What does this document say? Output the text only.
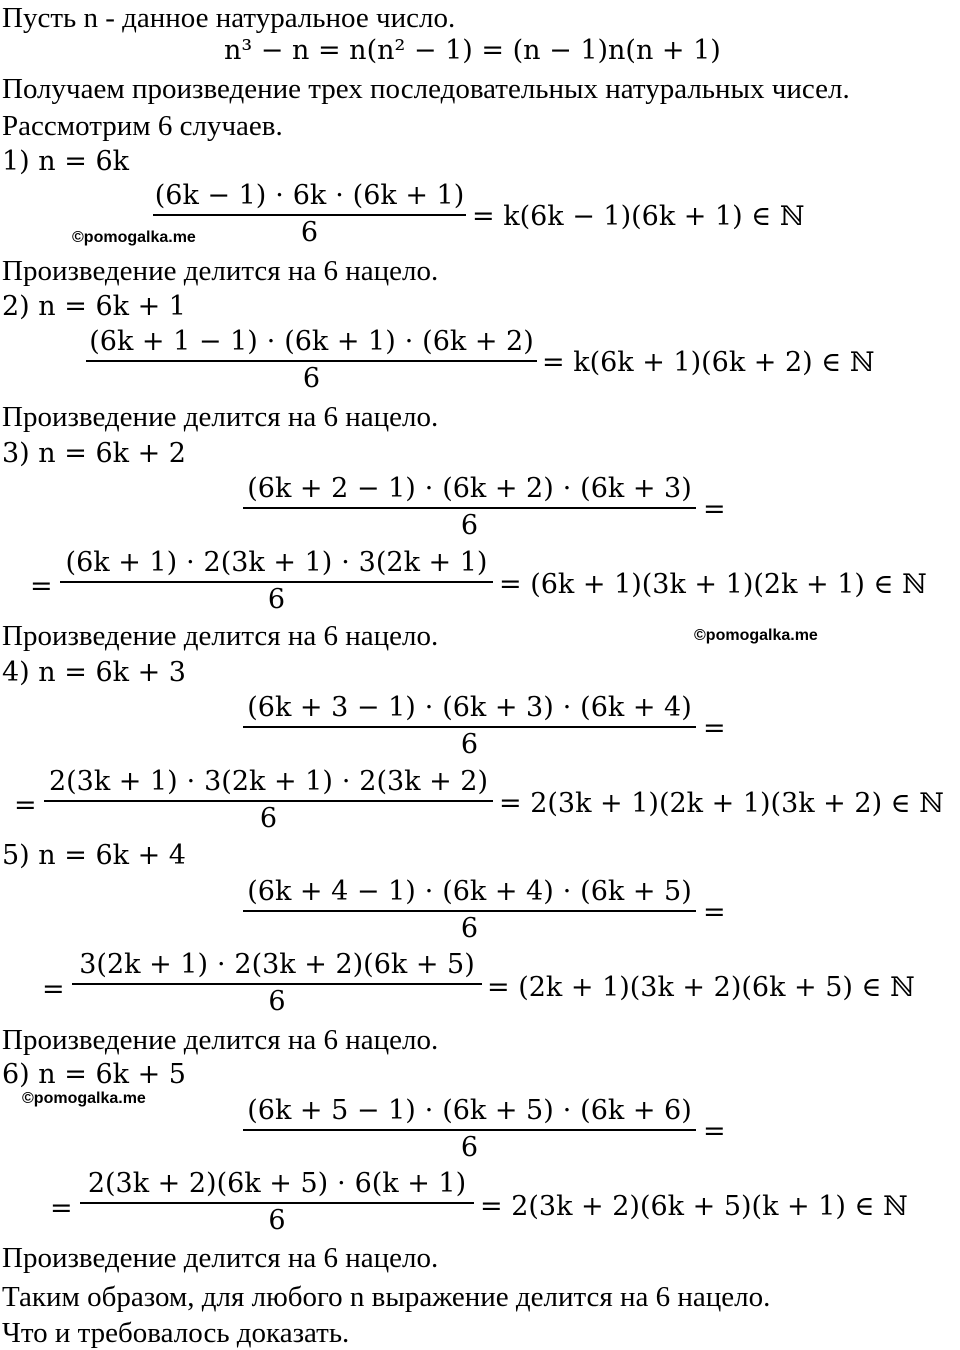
Пусть n - данное натуральное число.
n³ − n = n(n² − 1) = (n − 1)n(n + 1)
Получаем произведение трех последовательных натуральных чисел.
Рассмотрим 6 случаев.
1) n = 6k
(6k − 1) ⋅ 6k ⋅ (6k + 1)
6
= k(6k − 1)(6k + 1) ∈ ℕ
©pomogalka.me
Произведение делится на 6 нацело.
2) n = 6k + 1
(6k + 1 − 1) ⋅ (6k + 1) ⋅ (6k + 2)
6
= k(6k + 1)(6k + 2) ∈ ℕ
Произведение делится на 6 нацело.
3) n = 6k + 2
(6k + 2 − 1) ⋅ (6k + 2) ⋅ (6k + 3)
6
=
=
(6k + 1) ⋅ 2(3k + 1) ⋅ 3(2k + 1)
6	= (6k + 1)(3k + 1)(2k + 1) ∈ ℕ
Произведение делится на 6 нацело.	©pomogalka.me
4) n = 6k + 3
(6k + 3 − 1) ⋅ (6k + 3) ⋅ (6k + 4)
6
=
=
2(3k + 1) ⋅ 3(2k + 1) ⋅ 2(3k + 2)
6	= 2(3k + 1)(2k + 1)(3k + 2) ∈ ℕ
5) n = 6k + 4
(6k + 4 − 1) ⋅ (6k + 4) ⋅ (6k + 5)
6
=
=
3(2k + 1) ⋅ 2(3k + 2)(6k + 5)
6	= (2k + 1)(3k + 2)(6k + 5) ∈ ℕ
Произведение делится на 6 нацело.
6) n = 6k + 5
©pomogalka.me	(6k + 5 − 1) ⋅ (6k + 5) ⋅ (6k + 6)
6
=
=
2(3k + 2)(6k + 5) ⋅ 6(k + 1)
6	= 2(3k + 2)(6k + 5)(k + 1) ∈ ℕ
Произведение делится на 6 нацело.
Таким образом, для любого n выражение делится на 6 нацело.
Что и требовалось доказать.
